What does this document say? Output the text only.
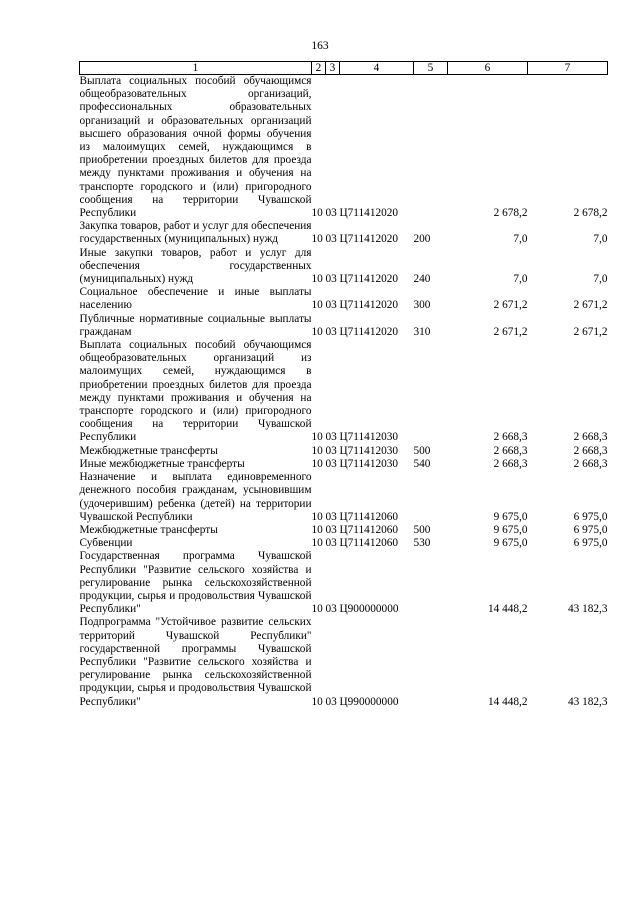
163
1	2	3	4	5	6	7
Выплата социальных пособий обучающимся общеобразовательных организаций, профессиональных образовательных организаций и образовательных организаций высшего образования очной формы обучения из малоимущих семей, нуждающимся в приобретении проездных билетов для проезда между пунктами проживания и обучения на транспорте городского и (или) пригородного сообщения на территории Чувашской Республики	10	03	Ц711412020		2 678,2	2 678,2
Закупка товаров, работ и услуг для обеспечения государственных (муниципальных) нужд	10	03	Ц711412020	200	7,0	7,0
Иные закупки товаров, работ и услуг для обеспечения государственных (муниципальных) нужд	10	03	Ц711412020	240	7,0	7,0
Социальное обеспечение и иные выплаты населению	10	03	Ц711412020	300	2 671,2	2 671,2
Публичные нормативные социальные выплаты гражданам	10	03	Ц711412020	310	2 671,2	2 671,2
Выплата социальных пособий обучающимся общеобразовательных организаций из малоимущих семей, нуждающимся в приобретении проездных билетов для проезда между пунктами проживания и обучения на транспорте городского и (или) пригородного сообщения на территории Чувашской Республики	10	03	Ц711412030		2 668,3	2 668,3
Межбюджетные трансферты	10	03	Ц711412030	500	2 668,3	2 668,3
Иные межбюджетные трансферты	10	03	Ц711412030	540	2 668,3	2 668,3
Назначение и выплата единовременного денежного пособия гражданам, усыновившим (удочерившим) ребенка (детей) на территории Чувашской Республики	10	03	Ц711412060		9 675,0	6 975,0
Межбюджетные трансферты	10	03	Ц711412060	500	9 675,0	6 975,0
Субвенции	10	03	Ц711412060	530	9 675,0	6 975,0
Государственная программа Чувашской Республики "Развитие сельского хозяйства и регулирование рынка сельскохозяйственной продукции, сырья и продовольствия Чувашской Республики"	10	03	Ц900000000		14 448,2	43 182,3
Подпрограмма "Устойчивое развитие сельских территорий Чувашской Республики" государственной программы Чувашской Республики "Развитие сельского хозяйства и регулирование рынка сельскохозяйственной продукции, сырья и продовольствия Чувашской Республики"	10	03	Ц990000000		14 448,2	43 182,3
